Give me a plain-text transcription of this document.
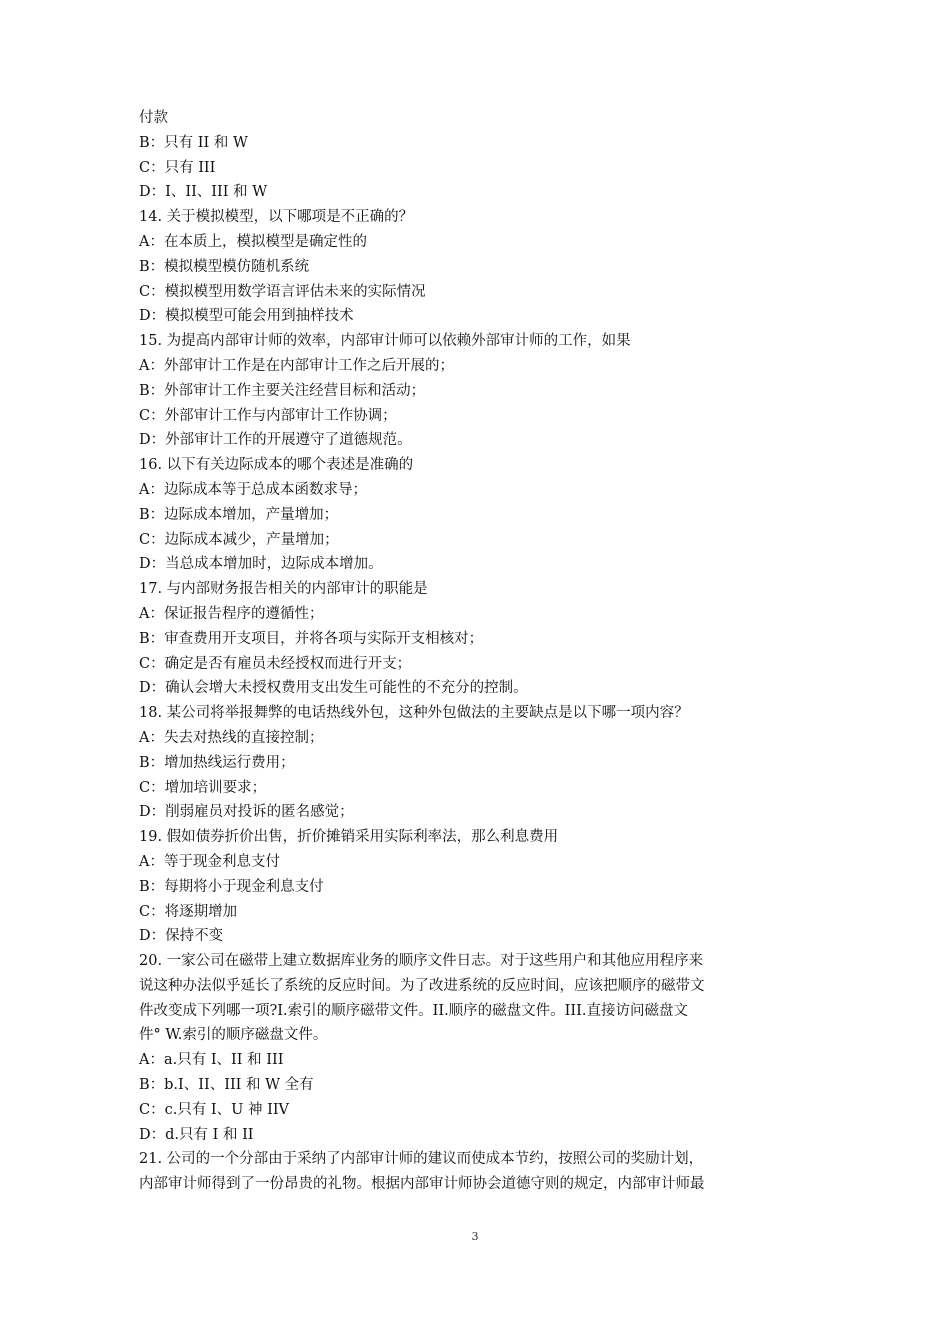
付款
B：只有 II 和 W
C：只有 III
D：I、II、III 和 W
14. 关于模拟模型，以下哪项是不正确的？
A：在本质上，模拟模型是确定性的
B：模拟模型模仿随机系统
C：模拟模型用数学语言评估未来的实际情况
D：模拟模型可能会用到抽样技术
15. 为提高内部审计师的效率，内部审计师可以依赖外部审计师的工作，如果
A：外部审计工作是在内部审计工作之后开展的；
B：外部审计工作主要关注经营目标和活动；
C：外部审计工作与内部审计工作协调；
D：外部审计工作的开展遵守了道德规范。
16. 以下有关边际成本的哪个表述是准确的
A：边际成本等于总成本函数求导；
B：边际成本增加，产量增加；
C：边际成本减少，产量增加；
D：当总成本增加时，边际成本增加。
17. 与内部财务报告相关的内部审计的职能是
A：保证报告程序的遵循性；
B：审查费用开支项目，并将各项与实际开支相核对；
C：确定是否有雇员未经授权而进行开支；
D：确认会增大未授权费用支出发生可能性的不充分的控制。
18. 某公司将举报舞弊的电话热线外包，这种外包做法的主要缺点是以下哪一项内容？
A：失去对热线的直接控制；
B：增加热线运行费用；
C：增加培训要求；
D：削弱雇员对投诉的匿名感觉；
19. 假如债券折价出售，折价摊销采用实际利率法，那么利息费用
A：等于现金利息支付
B：每期将小于现金利息支付
C：将逐期增加
D：保持不变
20. 一家公司在磁带上建立数据库业务的顺序文件日志。对于这些用户和其他应用程序来
说这种办法似乎延长了系统的反应时间。为了改进系统的反应时间，应该把顺序的磁带文
件改变成下列哪一项?I.索引的顺序磁带文件。II.顺序的磁盘文件。III.直接访问磁盘文
件° W.索引的顺序磁盘文件。
A：a.只有 I、II 和 III
B：b.I、II、III 和 W 全有
C：c.只有 I、U 神 IIV
D：d.只有 I 和 II
21. 公司的一个分部由于采纳了内部审计师的建议而使成本节约，按照公司的奖励计划，
内部审计师得到了一份昂贵的礼物。根据内部审计师协会道德守则的规定，内部审计师最
3
